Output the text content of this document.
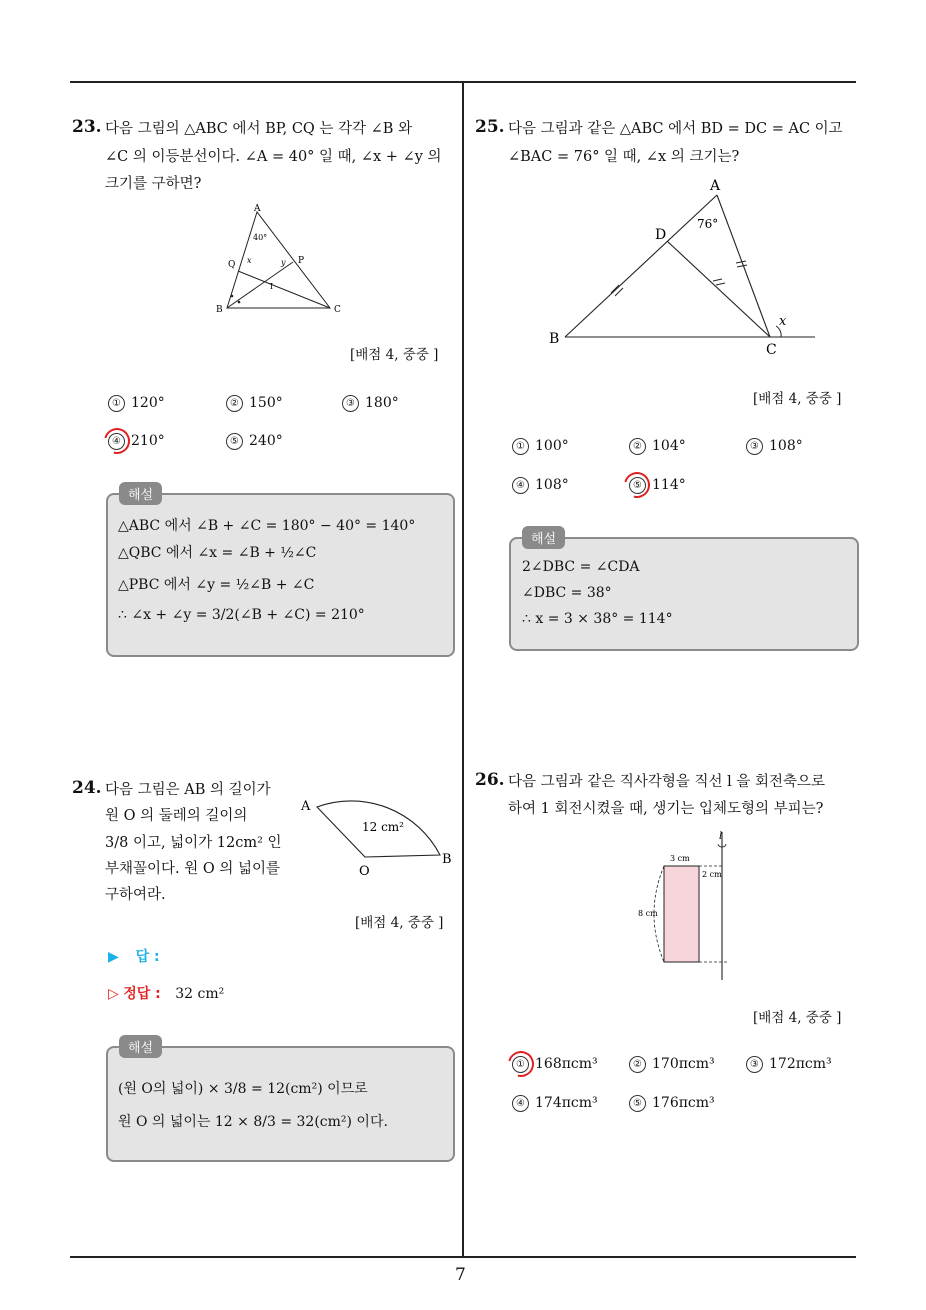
7
23. 다음 그림의 △ABC 에서 BP, CQ 는 각각 ∠B 와
∠C 의 이등분선이다. ∠A = 40° 일 때, ∠x + ∠y 의
크기를 구하면?
A
40°
Q	P
x	y
I
B	C
[배점 4, 중중 ]
① 120°	② 150°	③ 180°
④ 210°	⑤ 240°
해설
△ABC 에서 ∠B + ∠C = 180° − 40° = 140°
△QBC 에서 ∠x = ∠B + ½∠C
△PBC 에서 ∠y = ½∠B + ∠C
∴ ∠x + ∠y = 3/2(∠B + ∠C) = 210°
24. 다음 그림은 AB 의 길이가
원 O 의 둘레의 길이의
3/8 이고, 넓이가 12cm² 인
부채꼴이다. 원 O 의 넓이를
구하여라.
A
O
B
12 cm²
[배점 4, 중중 ]
▶ 답 :
▷ 정답 : 32 cm²
해설
(원 O의 넓이) × 3/8 = 12(cm²) 이므로
원 O 의 넓이는 12 × 8/3 = 32(cm²) 이다.
25. 다음 그림과 같은 △ABC 에서 BD = DC = AC 이고
∠BAC = 76° 일 때, ∠x 의 크기는?
A
76°
D
B
C
x
[배점 4, 중중 ]
① 100°	② 104°	③ 108°
④ 108°	⑤ 114°
해설
2∠DBC = ∠CDA
∠DBC = 38°
∴ x = 3 × 38° = 114°
26. 다음 그림과 같은 직사각형을 직선 l 을 회전축으로
하여 1 회전시켰을 때, 생기는 입체도형의 부피는?
l
3 cm
2 cm
8 cm
[배점 4, 중중 ]
① 168πcm³	② 170πcm³	③ 172πcm³
④ 174πcm³	⑤ 176πcm³
